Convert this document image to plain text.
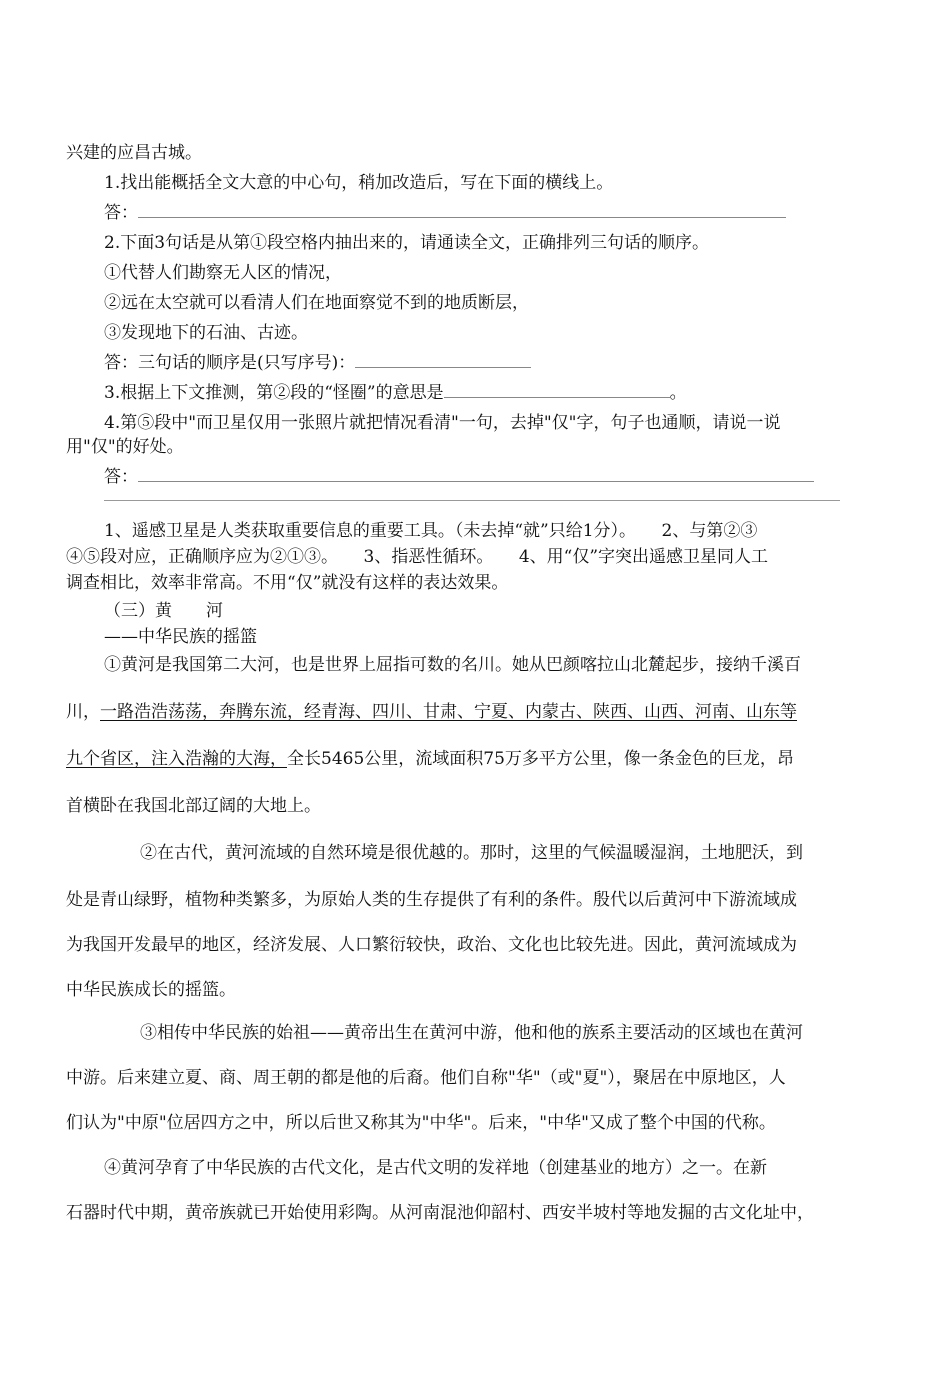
兴建的应昌古城。
1.找出能概括全文大意的中心句，稍加改造后，写在下面的横线上。
答：
2.下面3句话是从第①段空格内抽出来的，请通读全文，正确排列三句话的顺序。
①代替人们勘察无人区的情况，
②远在太空就可以看清人们在地面察觉不到的地质断层，
③发现地下的石油、古迹。
答：三句话的顺序是(只写序号)：
3.根据上下文推测，第②段的“怪圈”的意思是	。
4.第⑤段中"而卫星仅用一张照片就把情况看清"一句，去掉"仅"字，句子也通顺，请说一说
用"仅"的好处。
答：
1、遥感卫星是人类获取重要信息的重要工具。（未去掉“就”只给1分）。　　2、与第②③
④⑤段对应，正确顺序应为②①③。　　3、指恶性循环。　　4、用“仅”字突出遥感卫星同人工
调查相比，效率非常高。不用“仅”就没有这样的表达效果。
（三）黄　　河
——中华民族的摇篮
①黄河是我国第二大河，也是世界上屈指可数的名川。她从巴颜喀拉山北麓起步，接纳千溪百
川，一路浩浩荡荡，奔腾东流，经青海、四川、甘肃、宁夏、内蒙古、陕西、山西、河南、山东等
九个省区，注入浩瀚的大海，全长5465公里，流域面积75万多平方公里，像一条金色的巨龙，昂
首横卧在我国北部辽阔的大地上。
②在古代，黄河流域的自然环境是很优越的。那时，这里的气候温暖湿润，土地肥沃，到
处是青山绿野，植物种类繁多，为原始人类的生存提供了有利的条件。殷代以后黄河中下游流域成
为我国开发最早的地区，经济发展、人口繁衍较快，政治、文化也比较先进。因此，黄河流域成为
中华民族成长的摇篮。
③相传中华民族的始祖——黄帝出生在黄河中游，他和他的族系主要活动的区域也在黄河
中游。后来建立夏、商、周王朝的都是他的后裔。他们自称"华"（或"夏"），聚居在中原地区，人
们认为"中原"位居四方之中，所以后世又称其为"中华"。后来，"中华"又成了整个中国的代称。
④黄河孕育了中华民族的古代文化，是古代文明的发祥地（创建基业的地方）之一。在新
石器时代中期，黄帝族就已开始使用彩陶。从河南混池仰韶村、西安半坡村等地发掘的古文化址中，
